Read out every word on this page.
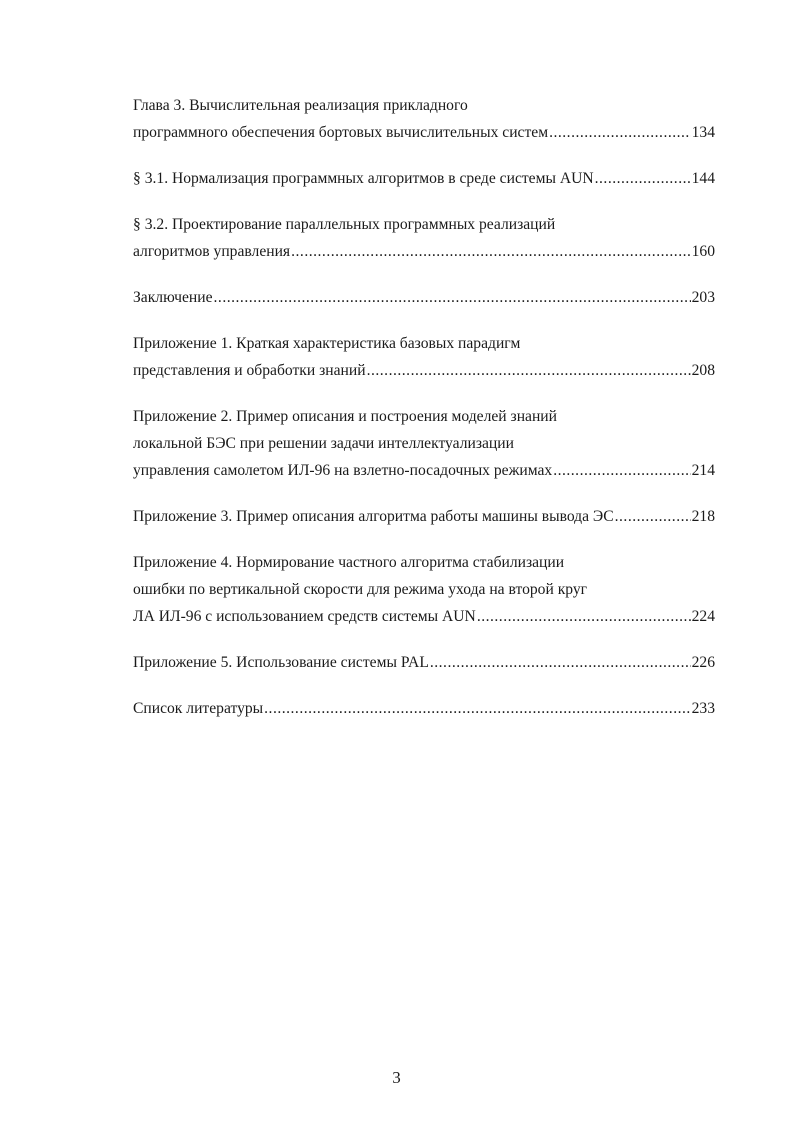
Глава 3. Вычислительная реализация прикладного
программного обеспечения бортовых вычислительных систем .....	134
§ 3.1. Нормализация программных алгоритмов в среде системы AUN .....	144
§ 3.2. Проектирование параллельных программных реализаций
алгоритмов управления .....	160
Заключение .....	203
Приложение 1. Краткая характеристика базовых парадигм
представления и обработки знаний .....	208
Приложение 2. Пример описания и построения моделей знаний
локальной БЭС при решении задачи интеллектуализации
управления самолетом ИЛ-96 на взлетно-посадочных режимах .....	214
Приложение 3. Пример описания алгоритма работы машины вывода ЭС .....	218
Приложение 4. Нормирование частного алгоритма стабилизации
ошибки по вертикальной скорости для режима ухода на второй круг
ЛА ИЛ-96 с использованием средств системы AUN .....	224
Приложение 5. Использование системы PAL .....	226
Список литературы .....	233
3
